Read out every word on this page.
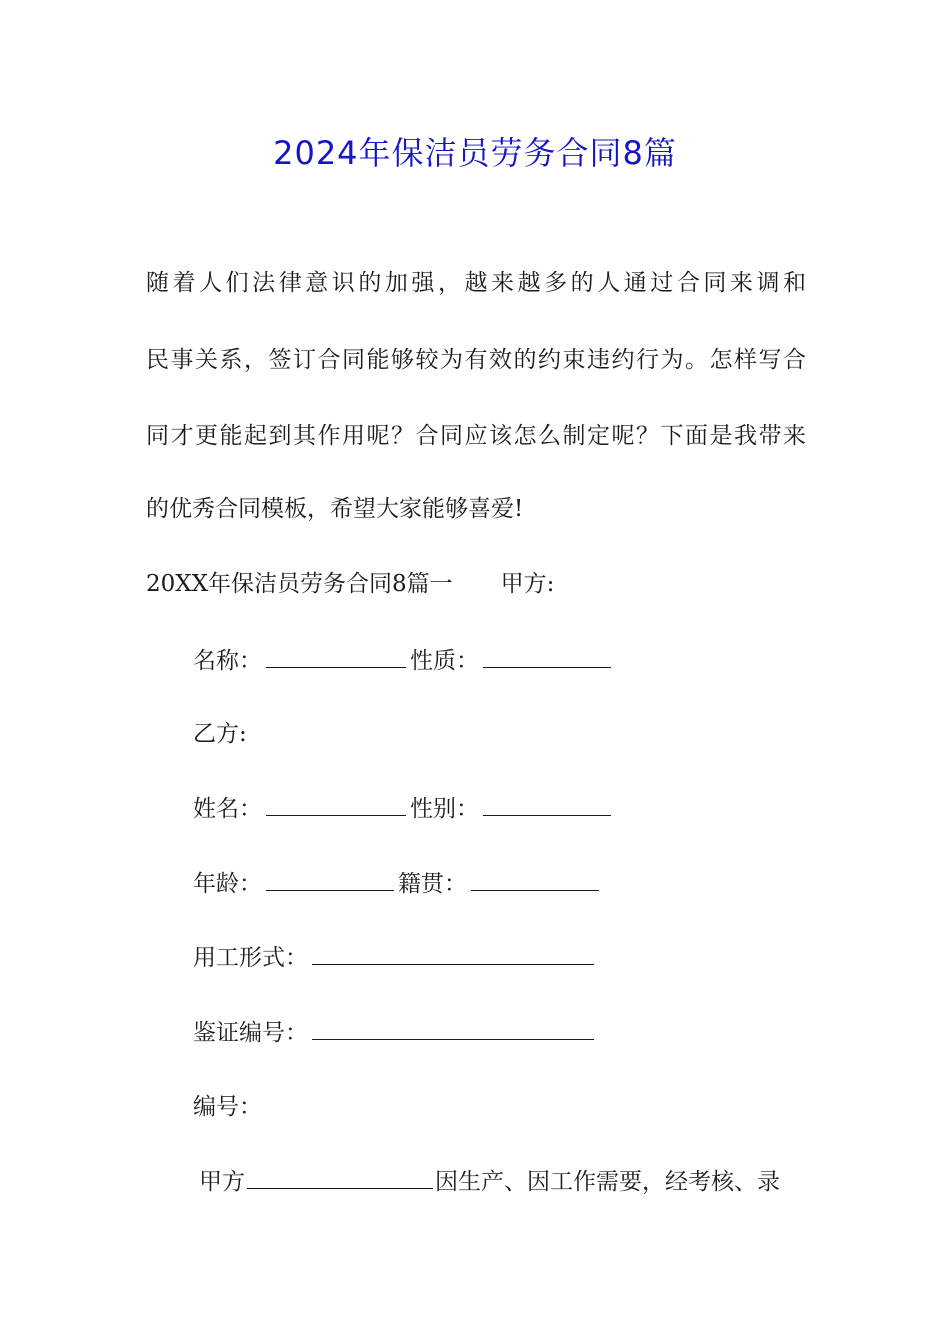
2024年保洁员劳务合同8篇
随着人们法律意识的加强，越来越多的人通过合同来调和
民事关系，签订合同能够较为有效的约束违约行为。怎样写合
同才更能起到其作用呢？合同应该怎么制定呢？下面是我带来
的优秀合同模板，希望大家能够喜爱!
20XX年保洁员劳务合同8篇一 甲方:
名称：	性质：
乙方:
姓名：	性别：
年龄：	籍贯：
用工形式：
鉴证编号：
编号：
甲方	因生产、因工作需要，经考核、录
